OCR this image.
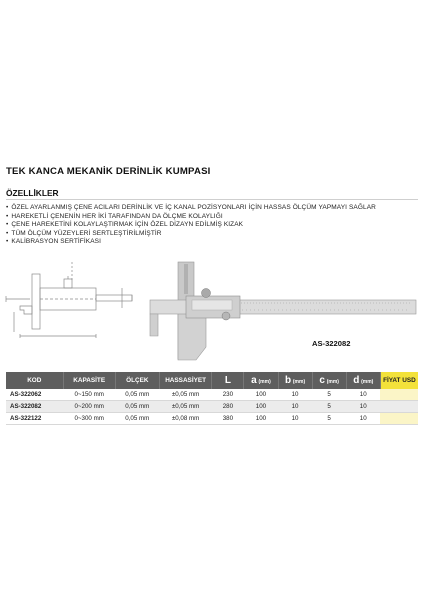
TEK KANCA MEKANİK DERİNLİK KUMPASI
ÖZELLİKLER
• ÖZEL AYARLANMIŞ ÇENE ACILARI DERİNLİK VE İÇ KANAL POZİSYONLARI İÇİN HASSAS ÖLÇÜM YAPMAYI SAĞLAR
• HAREKETLİ ÇENENİN HER İKİ TARAFINDAN DA ÖLÇME KOLAYLIĞI
• ÇENE HAREKETİNİ KOLAYLAŞTIRMAK İÇİN ÖZEL DİZAYN EDİLMİŞ KIZAK
• TÜM ÖLÇÜM YÜZEYLERİ SERTLEŞTİRİLMİŞTİR
• KALİBRASYON SERTİFİKASI
AS-322082
KOD	KAPASİTE	ÖLÇEK	HASSASİYET	L	a (mm)	b (mm)	c (mm)	d (mm)	FİYAT USD
AS-322062	0~150 mm	0,05 mm	±0,05 mm	230	100	10	5	10	
AS-322082	0~200 mm	0,05 mm	±0,05 mm	280	100	10	5	10	
AS-322122	0~300 mm	0,05 mm	±0,08 mm	380	100	10	5	10	
